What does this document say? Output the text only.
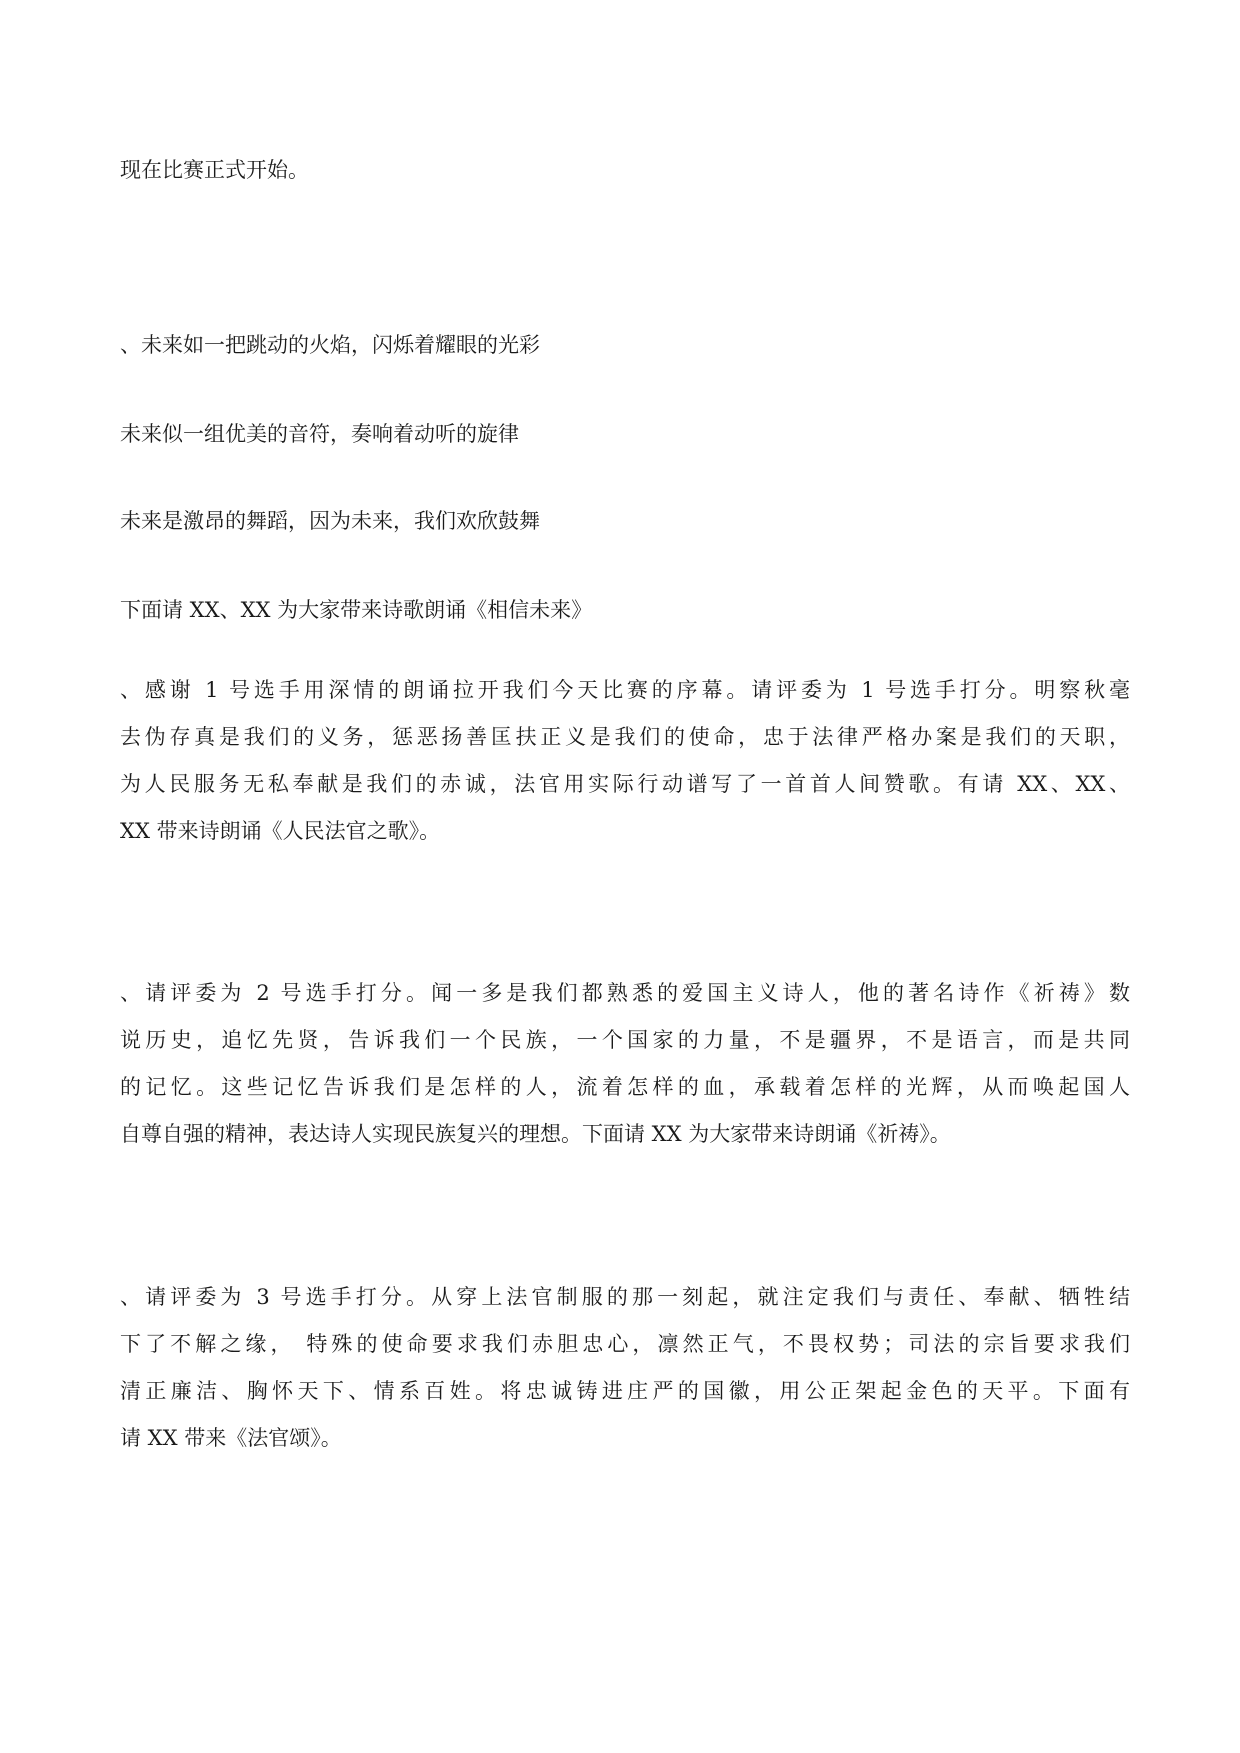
现在比赛正式开始。

、未来如一把跳动的火焰，闪烁着耀眼的光彩

未来似一组优美的音符，奏响着动听的旋律

未来是激昂的舞蹈，因为未来，我们欢欣鼓舞

下面请 XX、XX 为大家带来诗歌朗诵《相信未来》

、感谢 1 号选手用深情的朗诵拉开我们今天比赛的序幕。请评委为 1 号选手打分。明察秋毫
去伪存真是我们的义务，惩恶扬善匡扶正义是我们的使命，忠于法律严格办案是我们的天职，
为人民服务无私奉献是我们的赤诚，法官用实际行动谱写了一首首人间赞歌。有请 XX、XX、
XX 带来诗朗诵《人民法官之歌》。
、请评委为 2 号选手打分。闻一多是我们都熟悉的爱国主义诗人，他的著名诗作《祈祷》数
说历史，追忆先贤，告诉我们一个民族，一个国家的力量，不是疆界，不是语言，而是共同
的记忆。这些记忆告诉我们是怎样的人，流着怎样的血，承载着怎样的光辉，从而唤起国人
自尊自强的精神，表达诗人实现民族复兴的理想。下面请 XX 为大家带来诗朗诵《祈祷》。
、请评委为 3 号选手打分。从穿上法官制服的那一刻起，就注定我们与责任、奉献、牺牲结
下了不解之缘， 特殊的使命要求我们赤胆忠心，凛然正气，不畏权势；司法的宗旨要求我们
清正廉洁、胸怀天下、情系百姓。将忠诚铸进庄严的国徽，用公正架起金色的天平。下面有
请 XX 带来《法官颂》。
